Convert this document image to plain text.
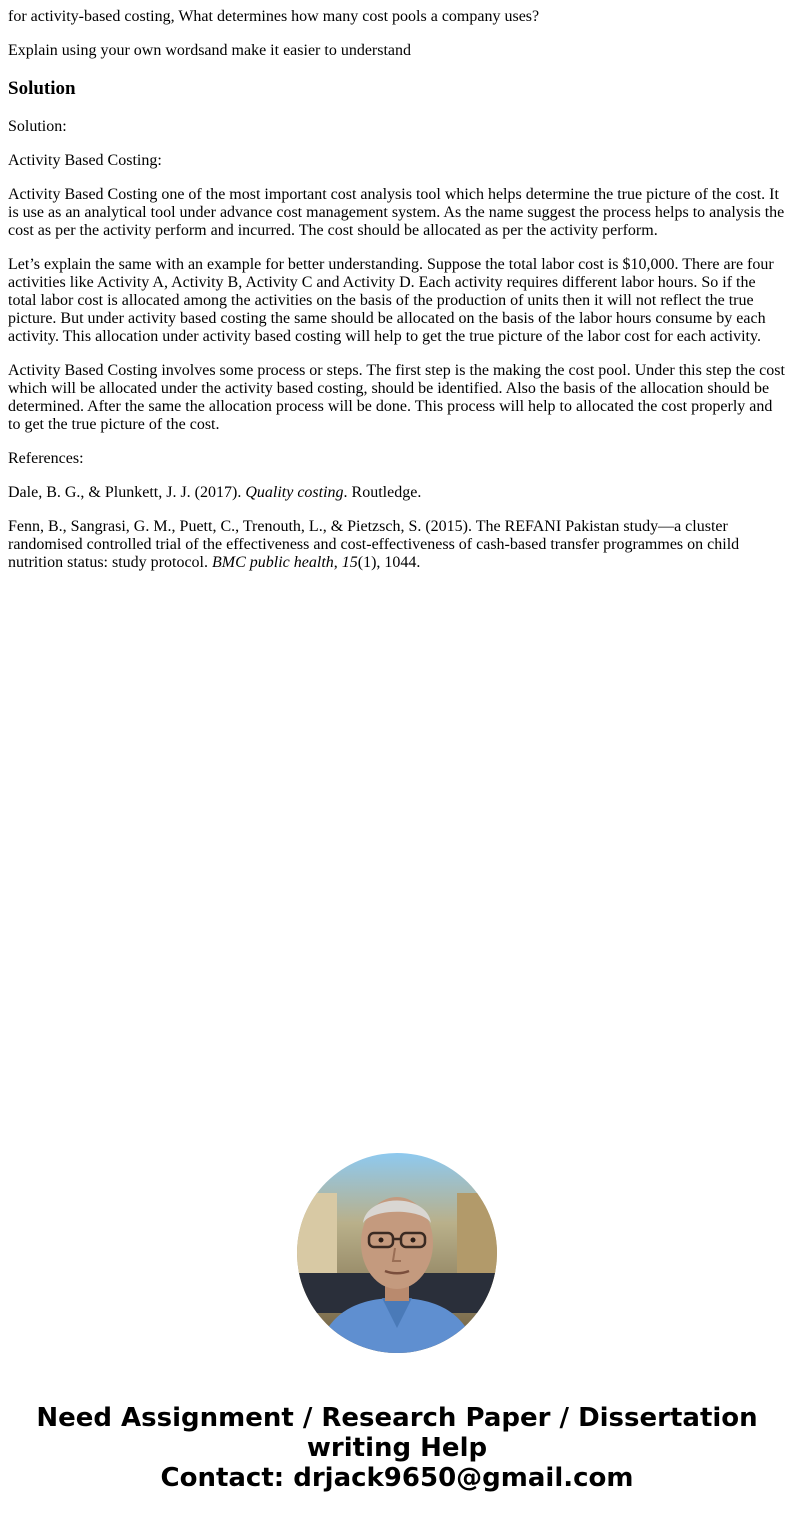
for activity-based costing, What determines how many cost pools a company uses?

Explain using your own wordsand make it easier to understand

Solution

Solution:

Activity Based Costing:

Activity Based Costing one of the most important cost analysis tool which helps determine the true picture of the cost. It is use as an analytical tool under advance cost management system. As the name suggest the process helps to analysis the cost as per the activity perform and incurred. The cost should be allocated as per the activity perform.

Let’s explain the same with an example for better understanding. Suppose the total labor cost is $10,000. There are four activities like Activity A, Activity B, Activity C and Activity D. Each activity requires different labor hours. So if the total labor cost is allocated among the activities on the basis of the production of units then it will not reflect the true picture. But under activity based costing the same should be allocated on the basis of the labor hours consume by each activity. This allocation under activity based costing will help to get the true picture of the labor cost for each activity.

Activity Based Costing involves some process or steps. The first step is the making the cost pool. Under this step the cost which will be allocated under the activity based costing, should be identified. Also the basis of the allocation should be determined. After the same the allocation process will be done. This process will help to allocated the cost properly and to get the true picture of the cost.

References:

Dale, B. G., & Plunkett, J. J. (2017). Quality costing. Routledge.

Fenn, B., Sangrasi, G. M., Puett, C., Trenouth, L., & Pietzsch, S. (2015). The REFANI Pakistan study—a cluster randomised controlled trial of the effectiveness and cost-effectiveness of cash-based transfer programmes on child nutrition status: study protocol. BMC public health, 15(1), 1044.

Need Assignment / Research Paper / Dissertation
writing Help
Contact: drjack9650@gmail.com
